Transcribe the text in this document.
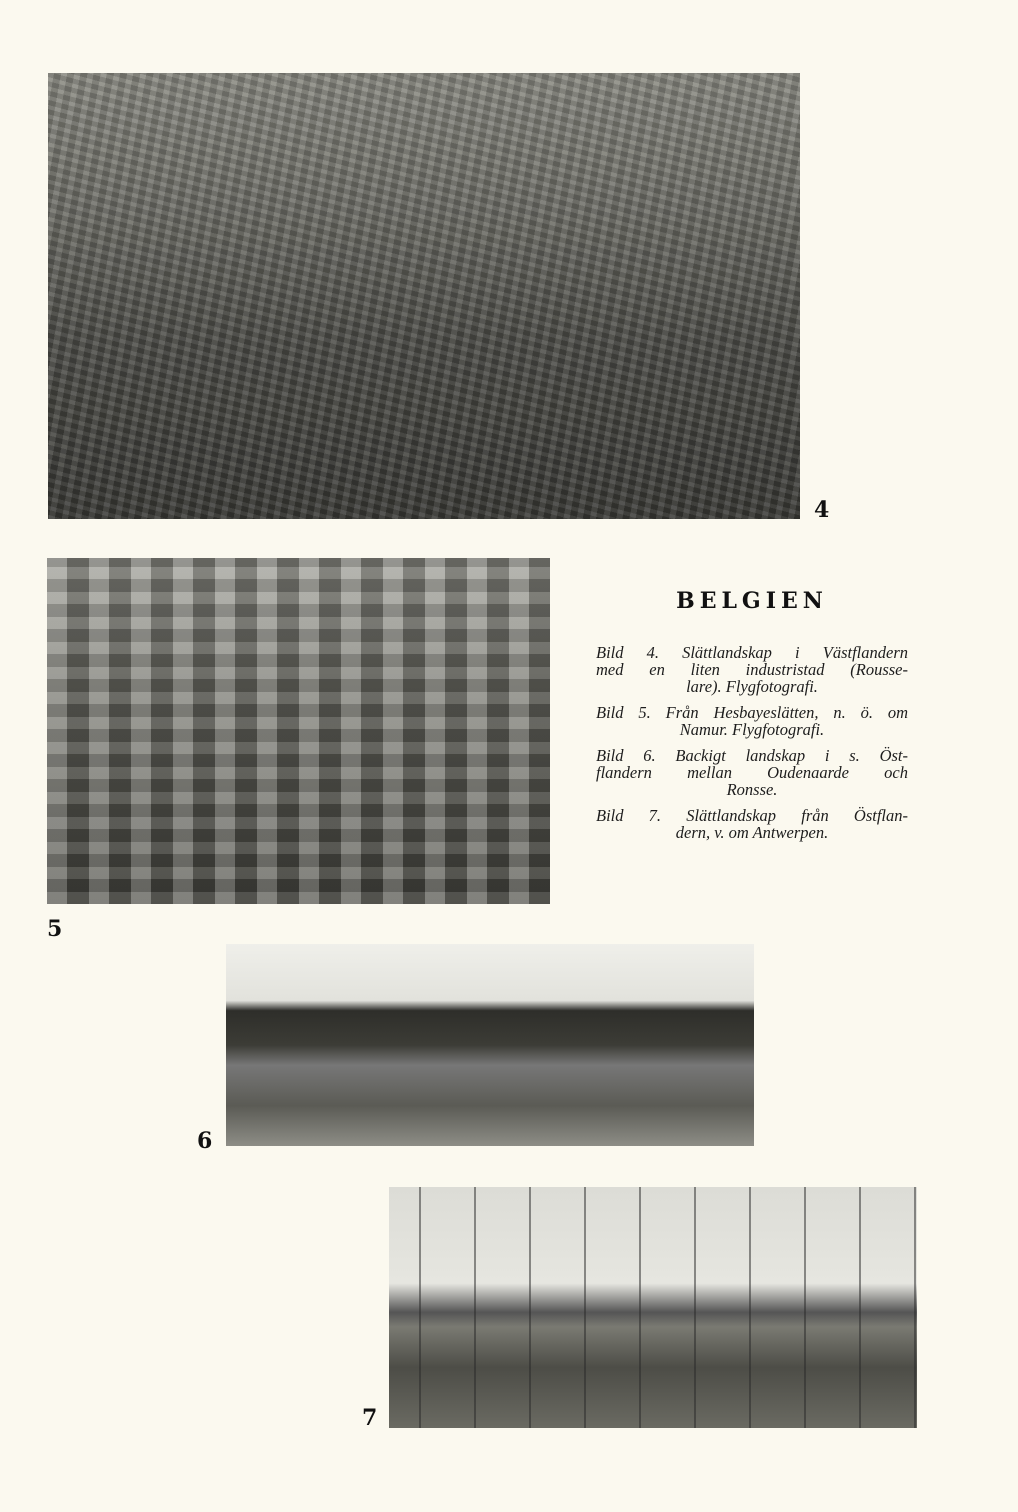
4
5
BELGIEN
Bild 4. Slättlandskap i Västflandern
med en liten industristad (Rousse-
lare). Flygfotografi.
Bild 5. Från Hesbayeslätten, n. ö. om
Namur. Flygfotografi.
Bild 6. Backigt landskap i s. Öst-
flandern mellan Oudenaarde och
Ronsse.
Bild 7. Slättlandskap från Östflan-
dern, v. om Antwerpen.
6
7
